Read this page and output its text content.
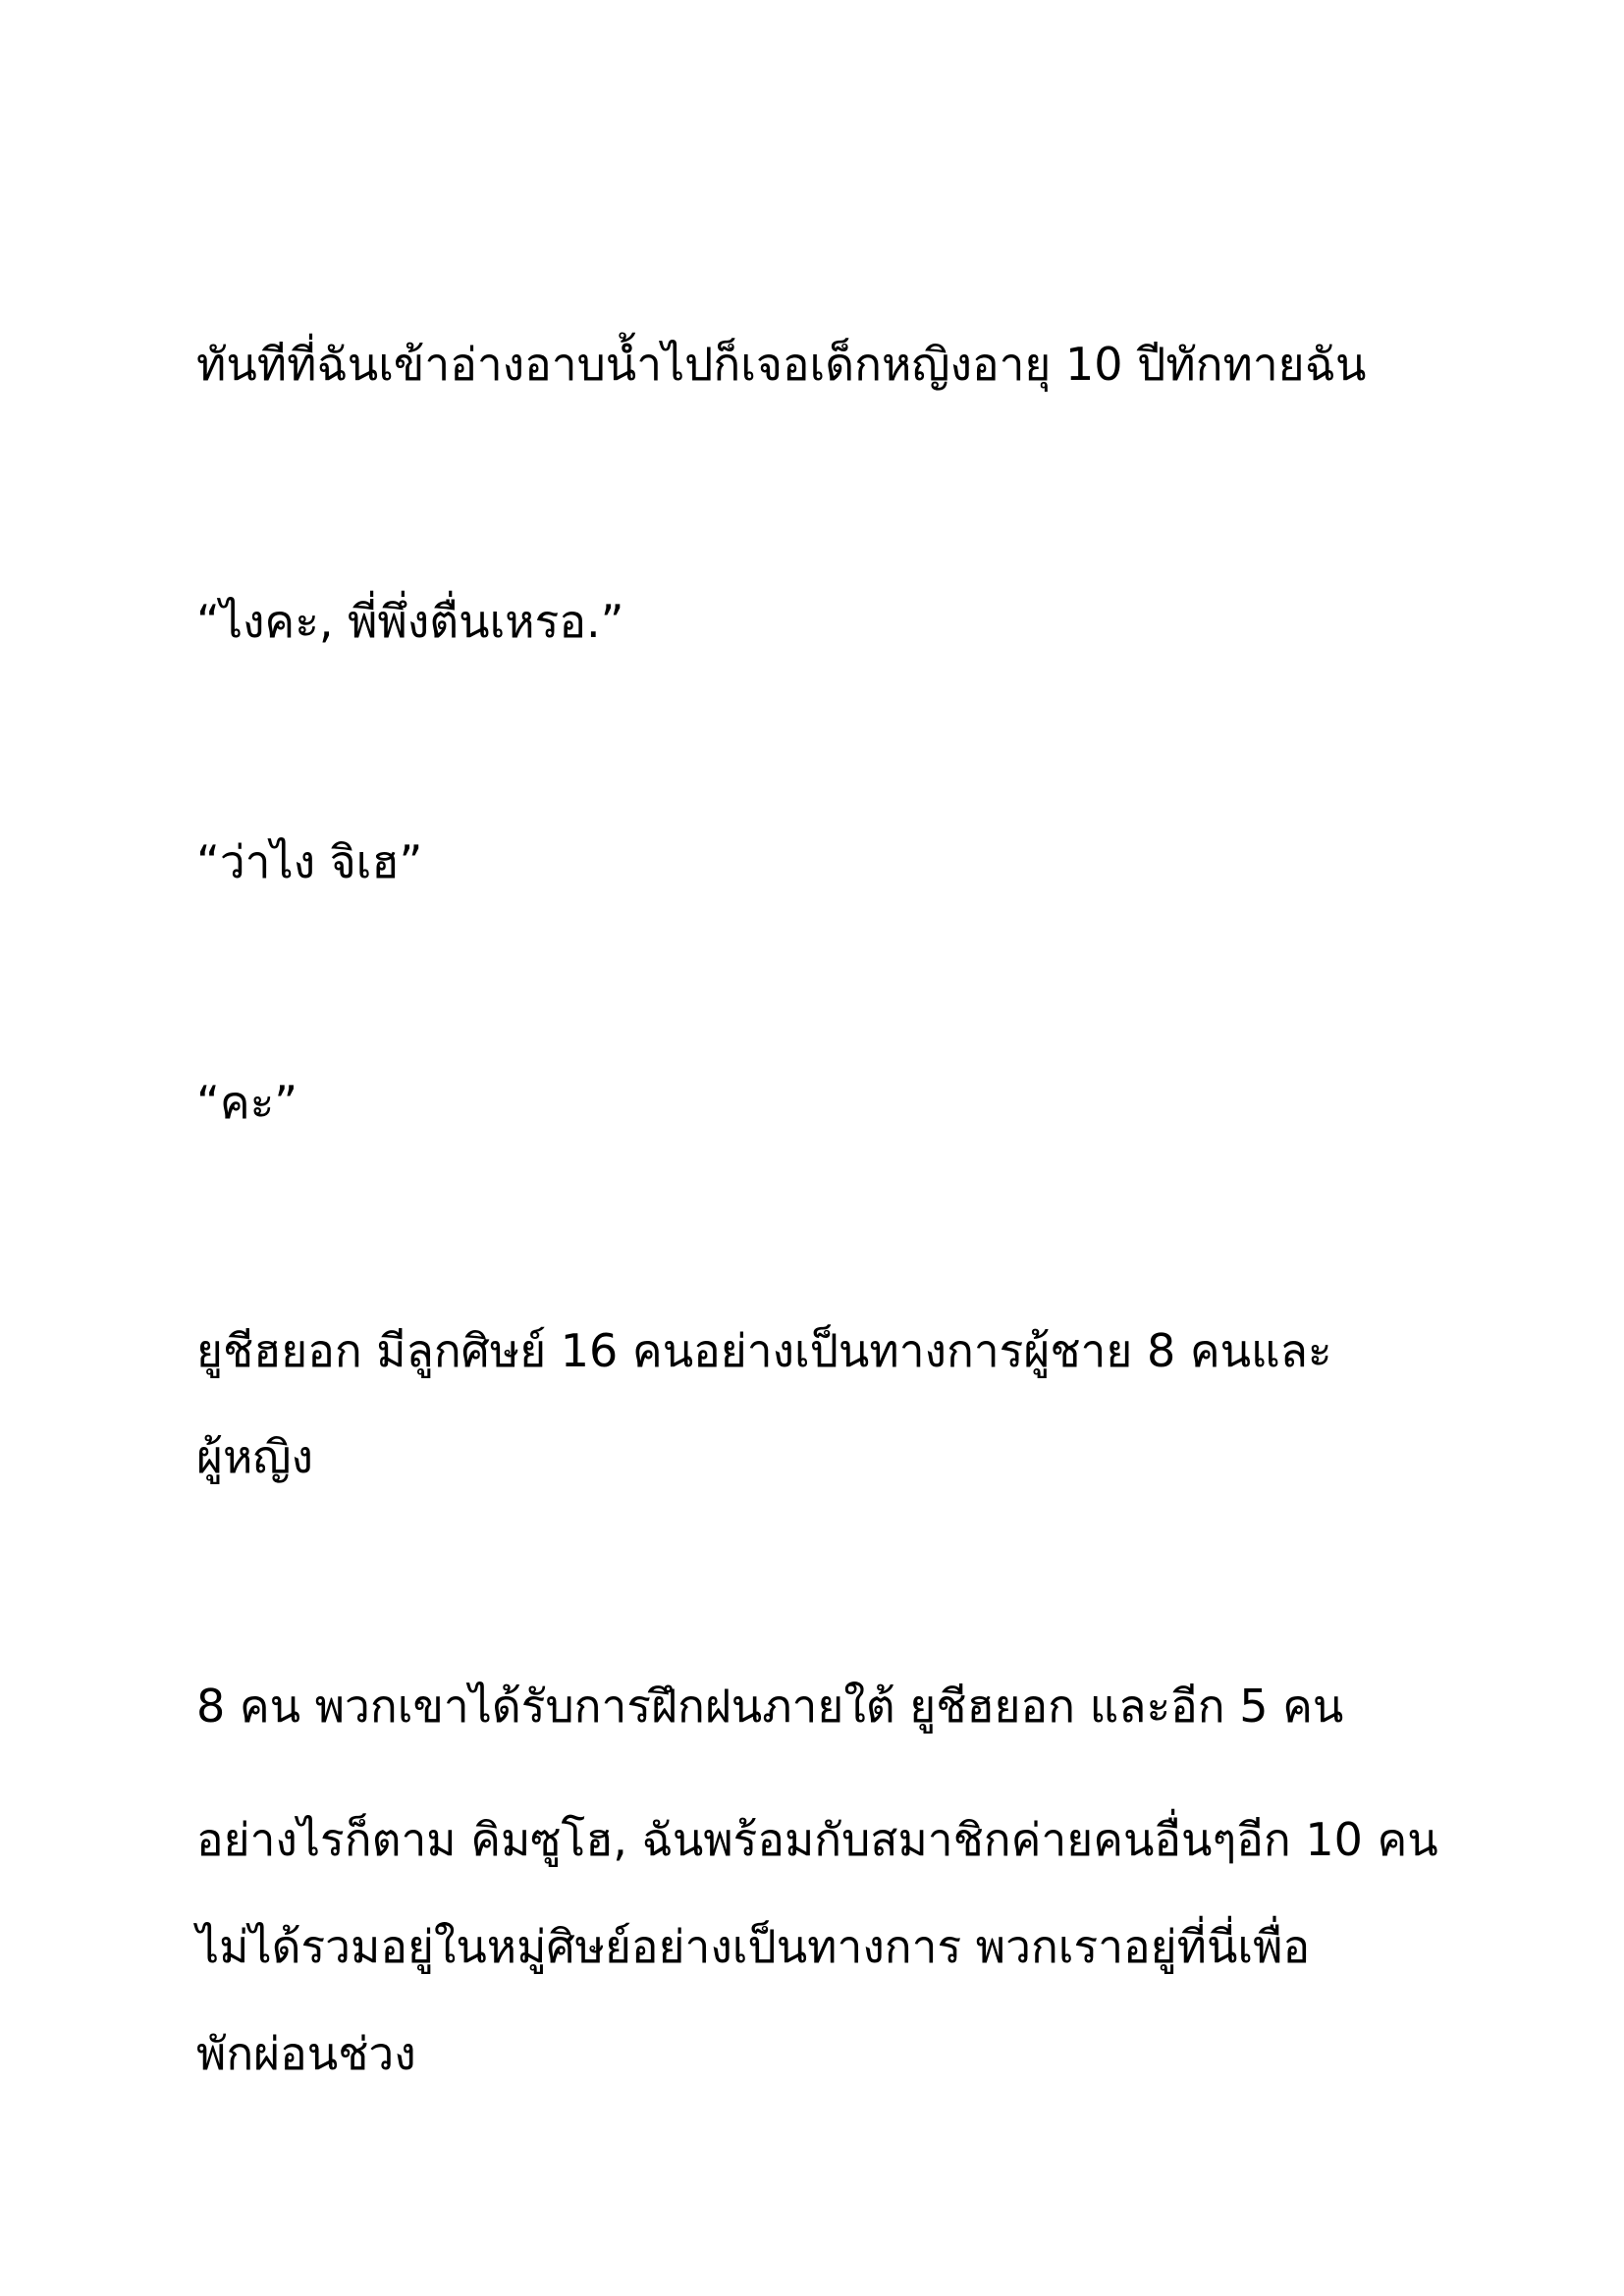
ทันทีที่ฉันเข้าอ่างอาบน้ำไปก็เจอเด็กหญิงอายุ 10 ปีทักทายฉัน

“ไงคะ, พี่พึ่งตื่นเหรอ.”

“ว่าไง จิเฮ”

“คะ”

ยูชีฮยอก มีลูกศิษย์ 16 คนอย่างเป็นทางการผู้ชาย 8 คนและ

ผู้หญิง

8 คน พวกเขาได้รับการฝึกฝนภายใต้ ยูชีฮยอก และอีก 5 คน

อย่างไรก็ตาม คิมซูโฮ, ฉันพร้อมกับสมาชิกค่ายคนอื่นๆอีก 10 คน

ไม่ได้รวมอยู่ในหมู่ศิษย์อย่างเป็นทางการ พวกเราอยู่ที่นี่เพื่อ

พักผ่อนช่วง
